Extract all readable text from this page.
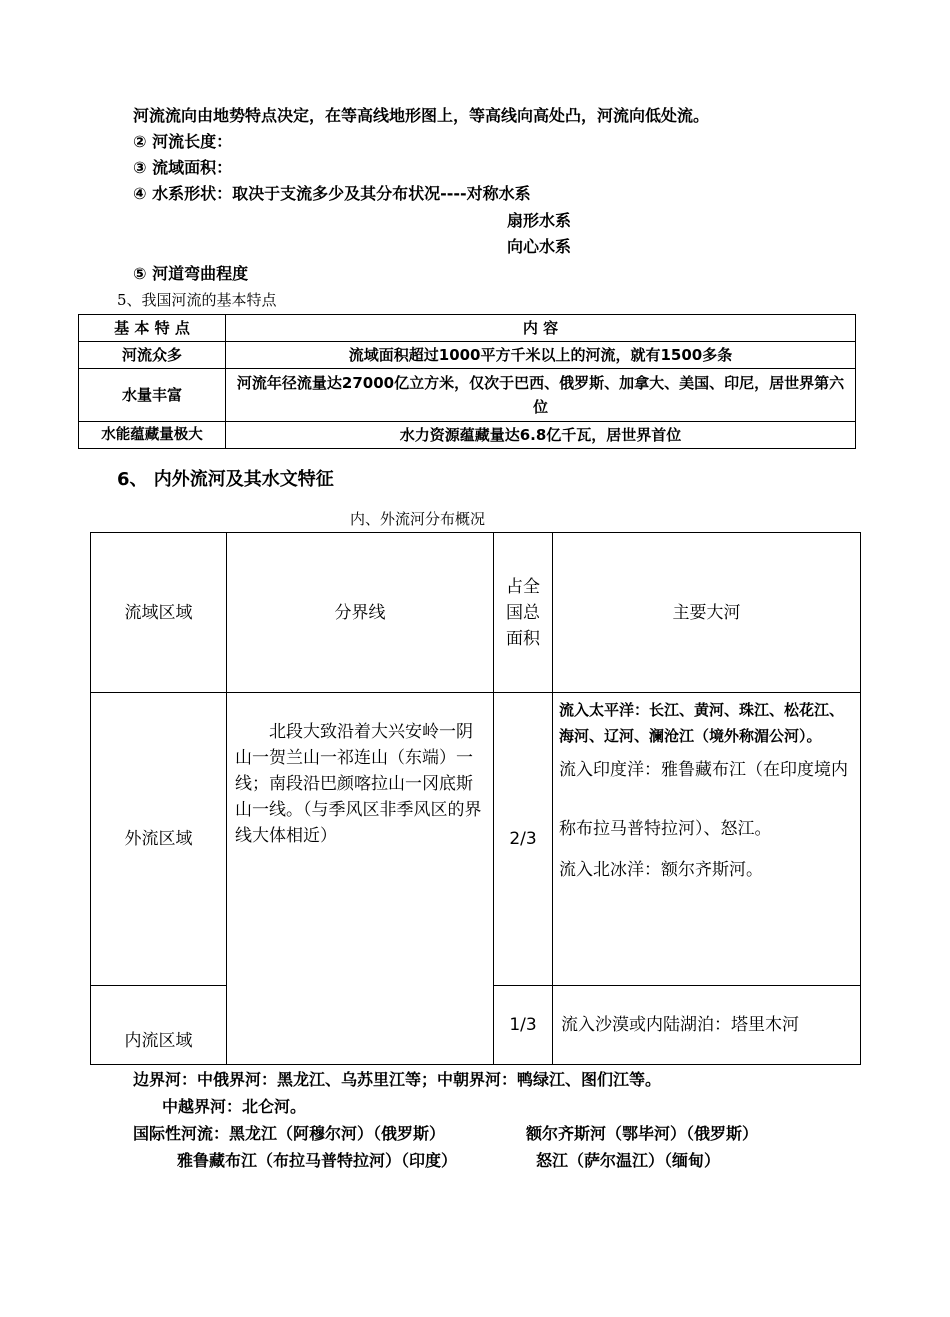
河流流向由地势特点决定，在等高线地形图上，等高线向高处凸，河流向低处流。
② 河流长度：
③ 流域面积：
④ 水系形状：取决于支流多少及其分布状况----对称水系
扇形水系
向心水系
⑤ 河道弯曲程度
5、我国河流的基本特点
基 本 特 点	内 容
河流众多	流域面积超过1000平方千米以上的河流，就有1500多条
水量丰富	河流年径流量达27000亿立方米，仅次于巴西、俄罗斯、加拿大、美国、印尼，居世界第六位
水能蕴藏量极大	水力资源蕴藏量达6.8亿千瓦，居世界首位
6、 内外流河及其水文特征
内、外流河分布概况
流域区域	分界线	占全国总面积	主要大河
外流区域	北段大致沿着大兴安岭一阴山一贺兰山一祁连山（东端）一线；南段沿巴颜喀拉山一冈底斯山一线。（与季风区非季风区的界线大体相近）	2/3	流入太平洋：长江、黄河、珠江、松花江、海河、辽河、澜沧江（境外称湄公河）。
流入印度洋：雅鲁藏布江（在印度境内称布拉马普特拉河）、怒江。
流入北冰洋：额尔齐斯河。

内流区域		1/3	流入沙漠或内陆湖泊：塔里木河
边界河：中俄界河：黑龙江、乌苏里江等；中朝界河：鸭绿江、图们江等。
中越界河：北仑河。
国际性河流：黑龙江（阿穆尔河）（俄罗斯）	额尔齐斯河（鄂毕河）（俄罗斯）
雅鲁藏布江（布拉马普特拉河）（印度）	怒江（萨尔温江）（缅甸）
